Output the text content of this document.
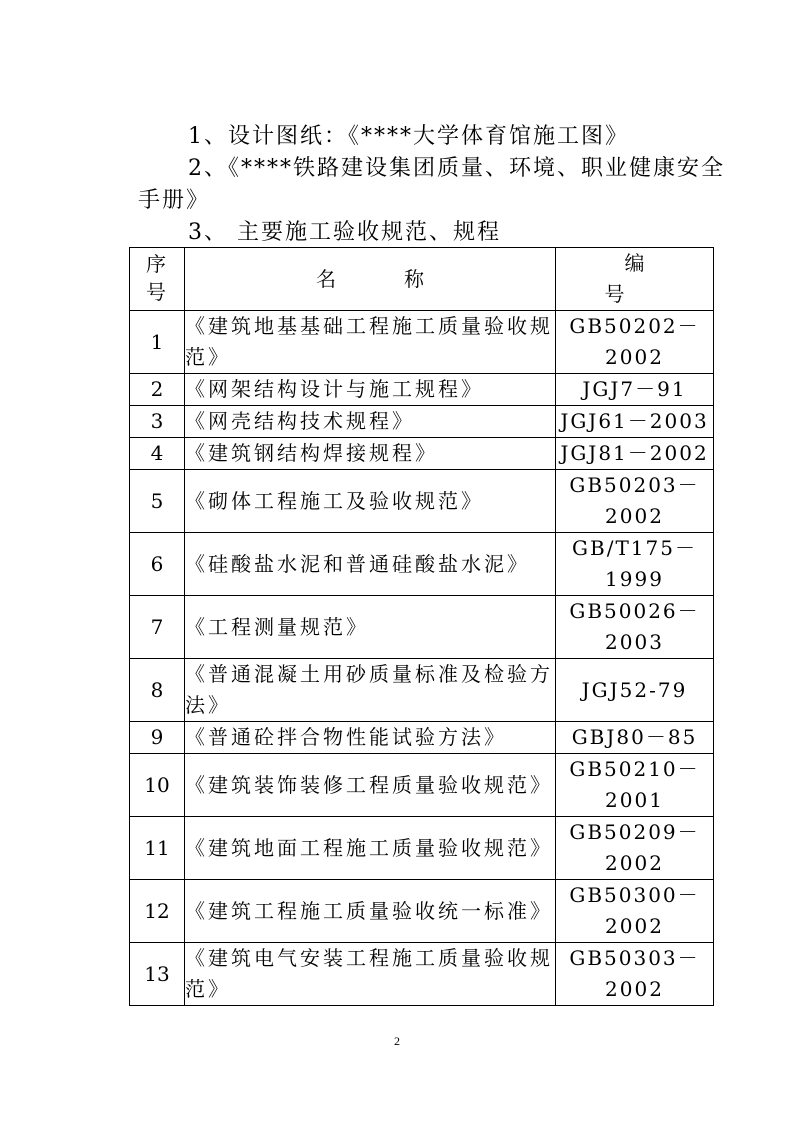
1、设计图纸：《****大学体育馆施工图》
2、《****铁路建设集团质量、环境、职业健康安全
手册》
3、 主要施工验收规范、规程
序号	名称	编号
1	《建筑地基基础工程施工质量验收规范》	GB50202－
2002
2	《网架结构设计与施工规程》	JGJ7－91
3	《网壳结构技术规程》	JGJ61－2003
4	《建筑钢结构焊接规程》	JGJ81－2002
5	《砌体工程施工及验收规范》	GB50203－
2002
6	《硅酸盐水泥和普通硅酸盐水泥》	GB/T175－
1999
7	《工程测量规范》	GB50026－
2003
8	《普通混凝土用砂质量标准及检验方法》	JGJ52-79
9	《普通砼拌合物性能试验方法》	GBJ80－85
10	《建筑装饰装修工程质量验收规范》	GB50210－
2001
11	《建筑地面工程施工质量验收规范》	GB50209－
2002
12	《建筑工程施工质量验收统一标准》	GB50300－
2002
13	《建筑电气安装工程施工质量验收规范》	GB50303－
2002
2
